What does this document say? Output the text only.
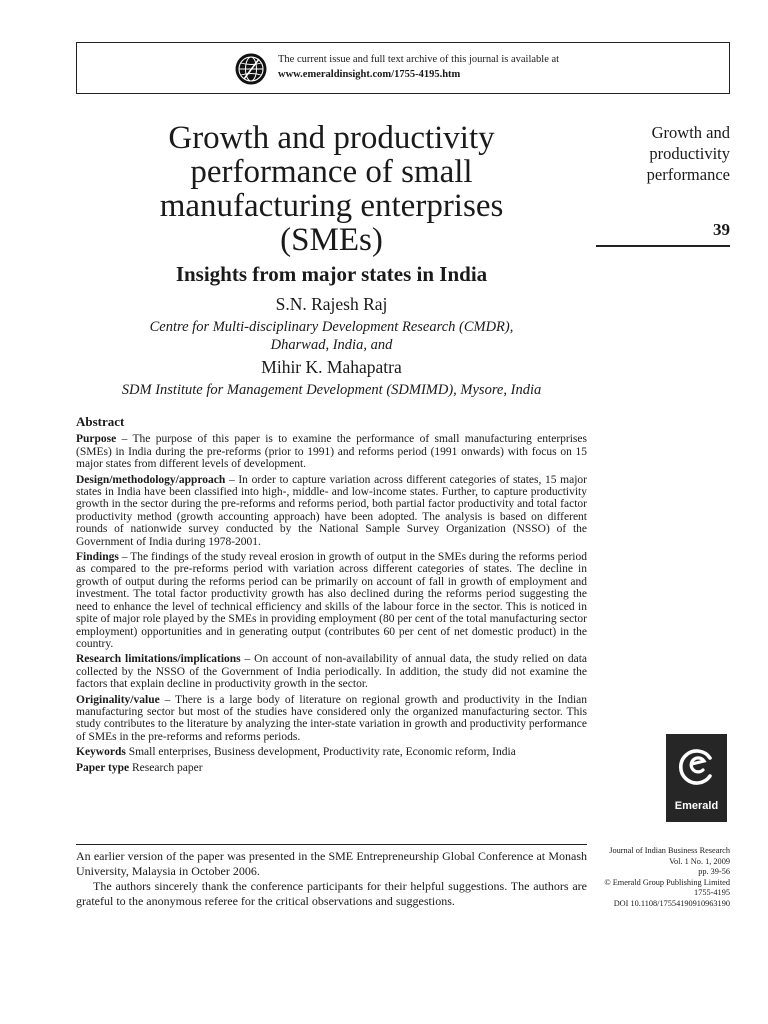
The current issue and full text archive of this journal is available at
www.emeraldinsight.com/1755-4195.htm
Growth and productivity
performance of small
manufacturing enterprises
(SMEs)
Insights from major states in India

S.N. Rajesh Raj

Centre for Multi-disciplinary Development Research (CMDR),
Dharwad, India, and

Mihir K. Mahapatra

SDM Institute for Management Development (SDMIMD), Mysore, India
Growth and
productivity
performance
39
Abstract

Purpose – The purpose of this paper is to examine the performance of small manufacturing enterprises (SMEs) in India during the pre-reforms (prior to 1991) and reforms period (1991 onwards) with focus on 15 major states from different levels of development.

Design/methodology/approach – In order to capture variation across different categories of states, 15 major states in India have been classified into high-, middle- and low-income states. Further, to capture productivity growth in the sector during the pre-reforms and reforms period, both partial factor productivity and total factor productivity method (growth accounting approach) have been adopted. The analysis is based on different rounds of nationwide survey conducted by the National Sample Survey Organization (NSSO) of the Government of India during 1978-2001.

Findings – The findings of the study reveal erosion in growth of output in the SMEs during the reforms period as compared to the pre-reforms period with variation across different categories of states. The decline in growth of output during the reforms period can be primarily on account of fall in growth of employment and investment. The total factor productivity growth has also declined during the reforms period suggesting the need to enhance the level of technical efficiency and skills of the labour force in the sector. This is noticed in spite of major role played by the SMEs in providing employment (80 per cent of the total manufacturing sector employment) opportunities and in generating output (contributes 60 per cent of net domestic product) in the country.

Research limitations/implications – On account of non-availability of annual data, the study relied on data collected by the NSSO of the Government of India periodically. In addition, the study did not examine the factors that explain decline in productivity growth in the sector.

Originality/value – There is a large body of literature on regional growth and productivity in the Indian manufacturing sector but most of the studies have considered only the organized manufacturing sector. This study contributes to the literature by analyzing the inter-state variation in growth and productivity performance of SMEs in the pre-reforms and reforms periods.

Keywords Small enterprises, Business development, Productivity rate, Economic reform, India

Paper type Research paper

Emerald

An earlier version of the paper was presented in the SME Entrepreneurship Global Conference at Monash University, Malaysia in October 2006.

The authors sincerely thank the conference participants for their helpful suggestions. The authors are grateful to the anonymous referee for the critical observations and suggestions.

Journal of Indian Business Research
Vol. 1 No. 1, 2009
pp. 39-56
© Emerald Group Publishing Limited
1755-4195
DOI 10.1108/17554190910963190
